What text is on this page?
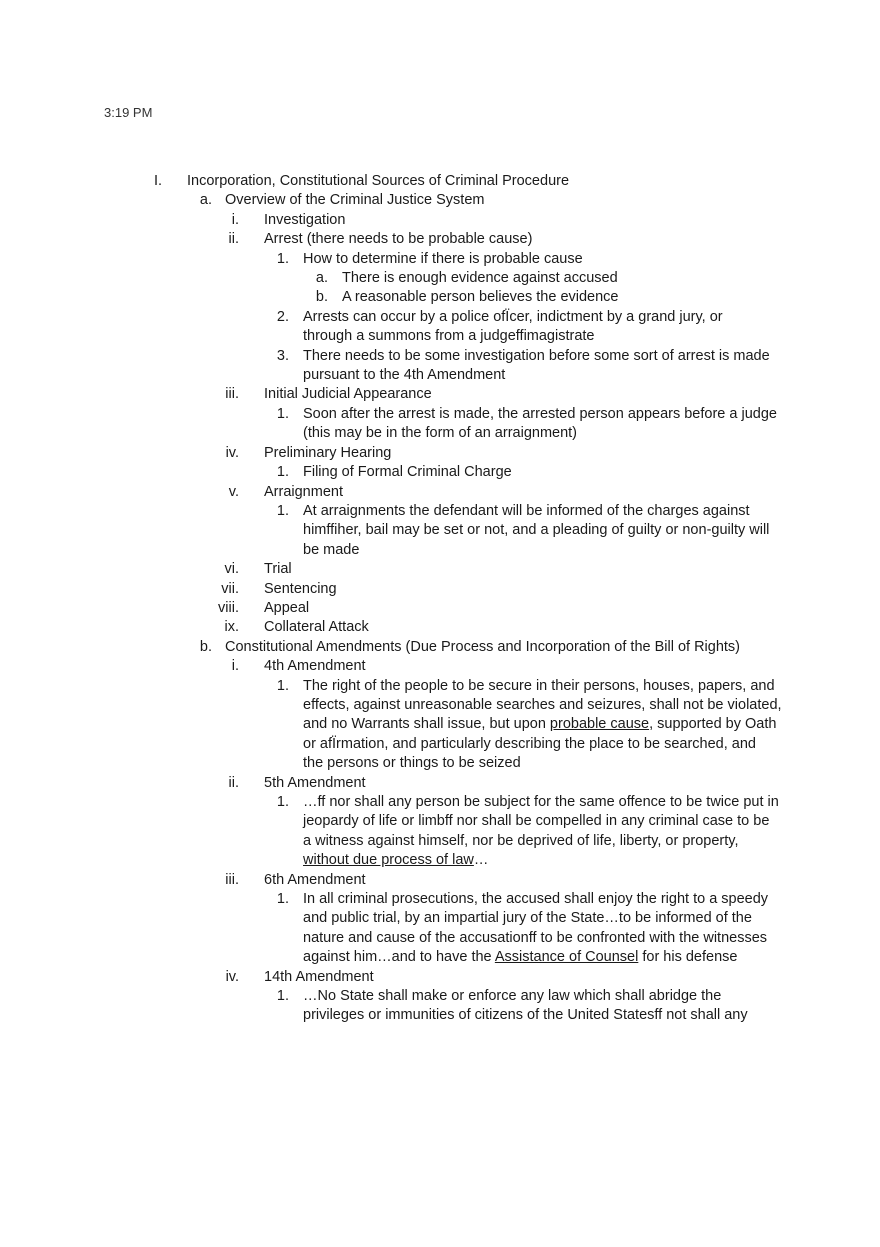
3:19 PM
I. Incorporation, Constitutional Sources of Criminal Procedure
a. Overview of the Criminal Justice System
i. Investigation
ii. Arrest (there needs to be probable cause)
1. How to determine if there is probable cause
a. There is enough evidence against accused
b. A reasonable person believes the evidence
2. Arrests can occur by a police ofÏcer, indictment by a grand jury, or
through a summons from a judgeffimagistrate
3. There needs to be some investigation before some sort of arrest is made
pursuant to the 4th Amendment
iii. Initial Judicial Appearance
1. Soon after the arrest is made, the arrested person appears before a judge
(this may be in the form of an arraignment)
iv. Preliminary Hearing
1. Filing of Formal Criminal Charge
v. Arraignment
1. At arraignments the defendant will be informed of the charges against
himffiher, bail may be set or not, and a pleading of guilty or non-guilty will
be made
vi. Trial
vii. Sentencing
viii. Appeal
ix. Collateral Attack
b. Constitutional Amendments (Due Process and Incorporation of the Bill of Rights)
i. 4th Amendment
1. The right of the people to be secure in their persons, houses, papers, and
effects, against unreasonable searches and seizures, shall not be violated,
and no Warrants shall issue, but upon probable cause, supported by Oath
or afÏrmation, and particularly describing the place to be searched, and
the persons or things to be seized
ii. 5th Amendment
1. …ff nor shall any person be subject for the same offence to be twice put in
jeopardy of life or limbff nor shall be compelled in any criminal case to be
a witness against himself, nor be deprived of life, liberty, or property,
without due process of law…
iii. 6th Amendment
1. In all criminal prosecutions, the accused shall enjoy the right to a speedy
and public trial, by an impartial jury of the State…to be informed of the
nature and cause of the accusationff to be confronted with the witnesses
against him…and to have the Assistance of Counsel for his defense
iv. 14th Amendment
1. …No State shall make or enforce any law which shall abridge the
privileges or immunities of citizens of the United Statesff not shall any
